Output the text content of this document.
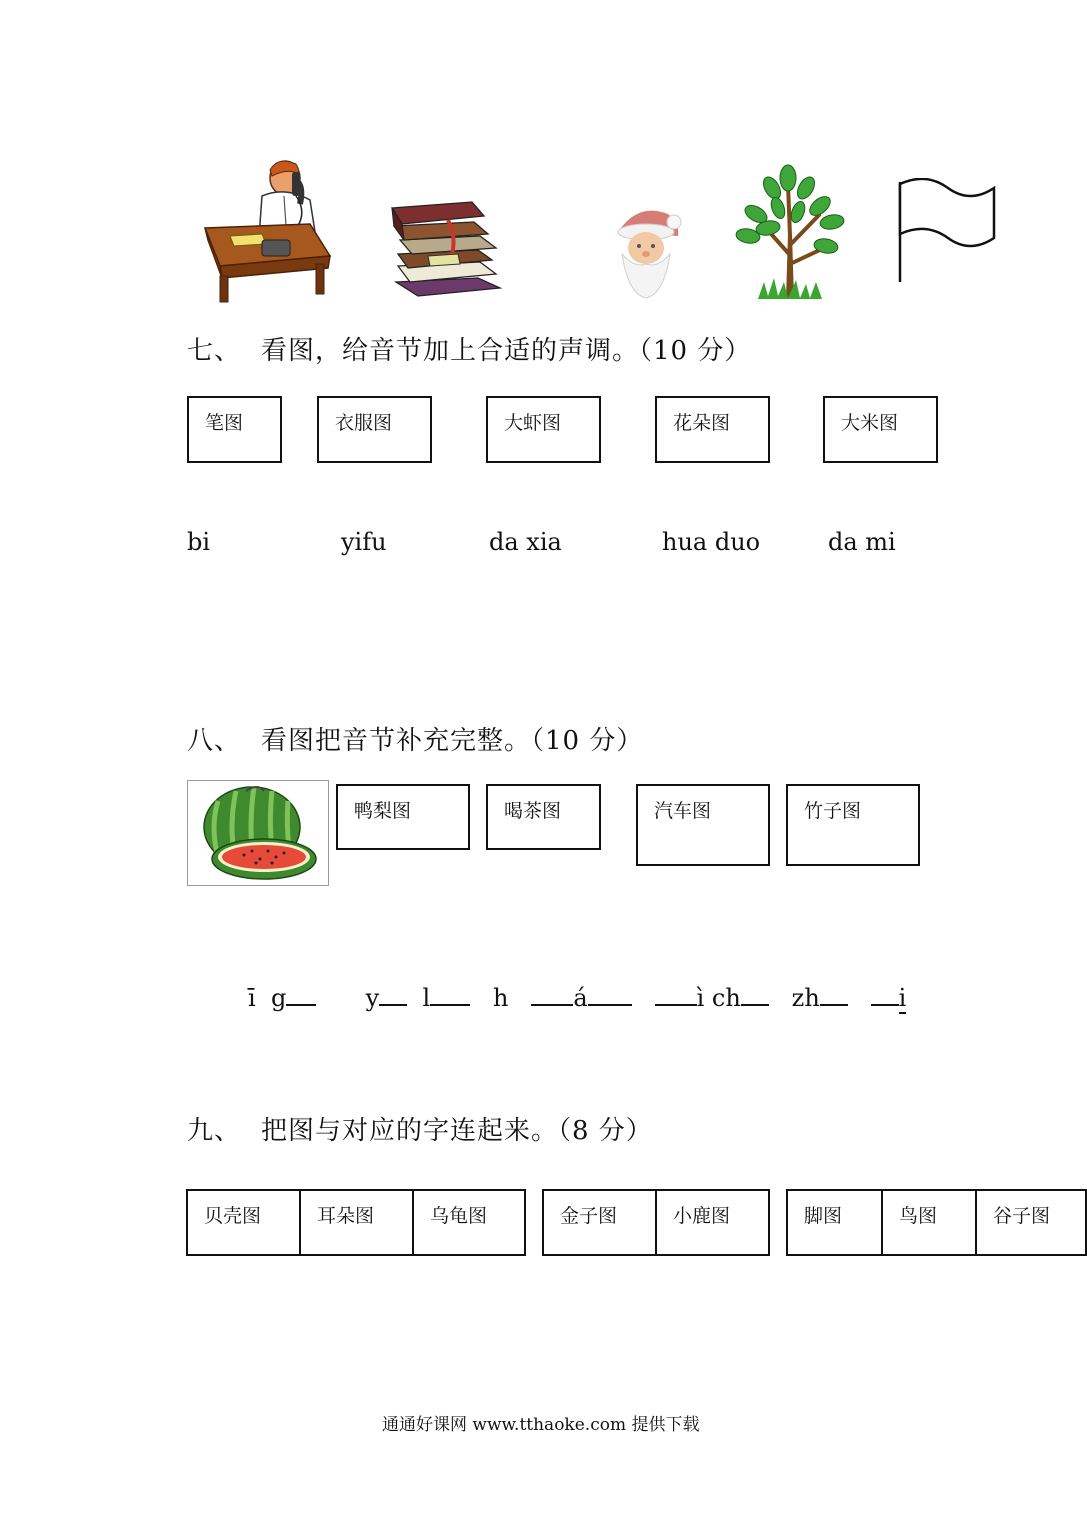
七、 看图，给音节加上合适的声调。（10 分）
笔图	衣服图	大虾图	花朵图	大米图
bi	yifu	da xia	hua duo	da mi
八、 看图把音节补充完整。（10 分）
鸭梨图	喝茶图	汽车图	竹子图
ī g	y l	h	á	ì ch zh	i
九、 把图与对应的字连起来。（8 分）
贝壳图	耳朵图	乌龟图	金子图	小鹿图	脚图	鸟图	谷子图
通通好课网 www.tthaoke.com 提供下载
